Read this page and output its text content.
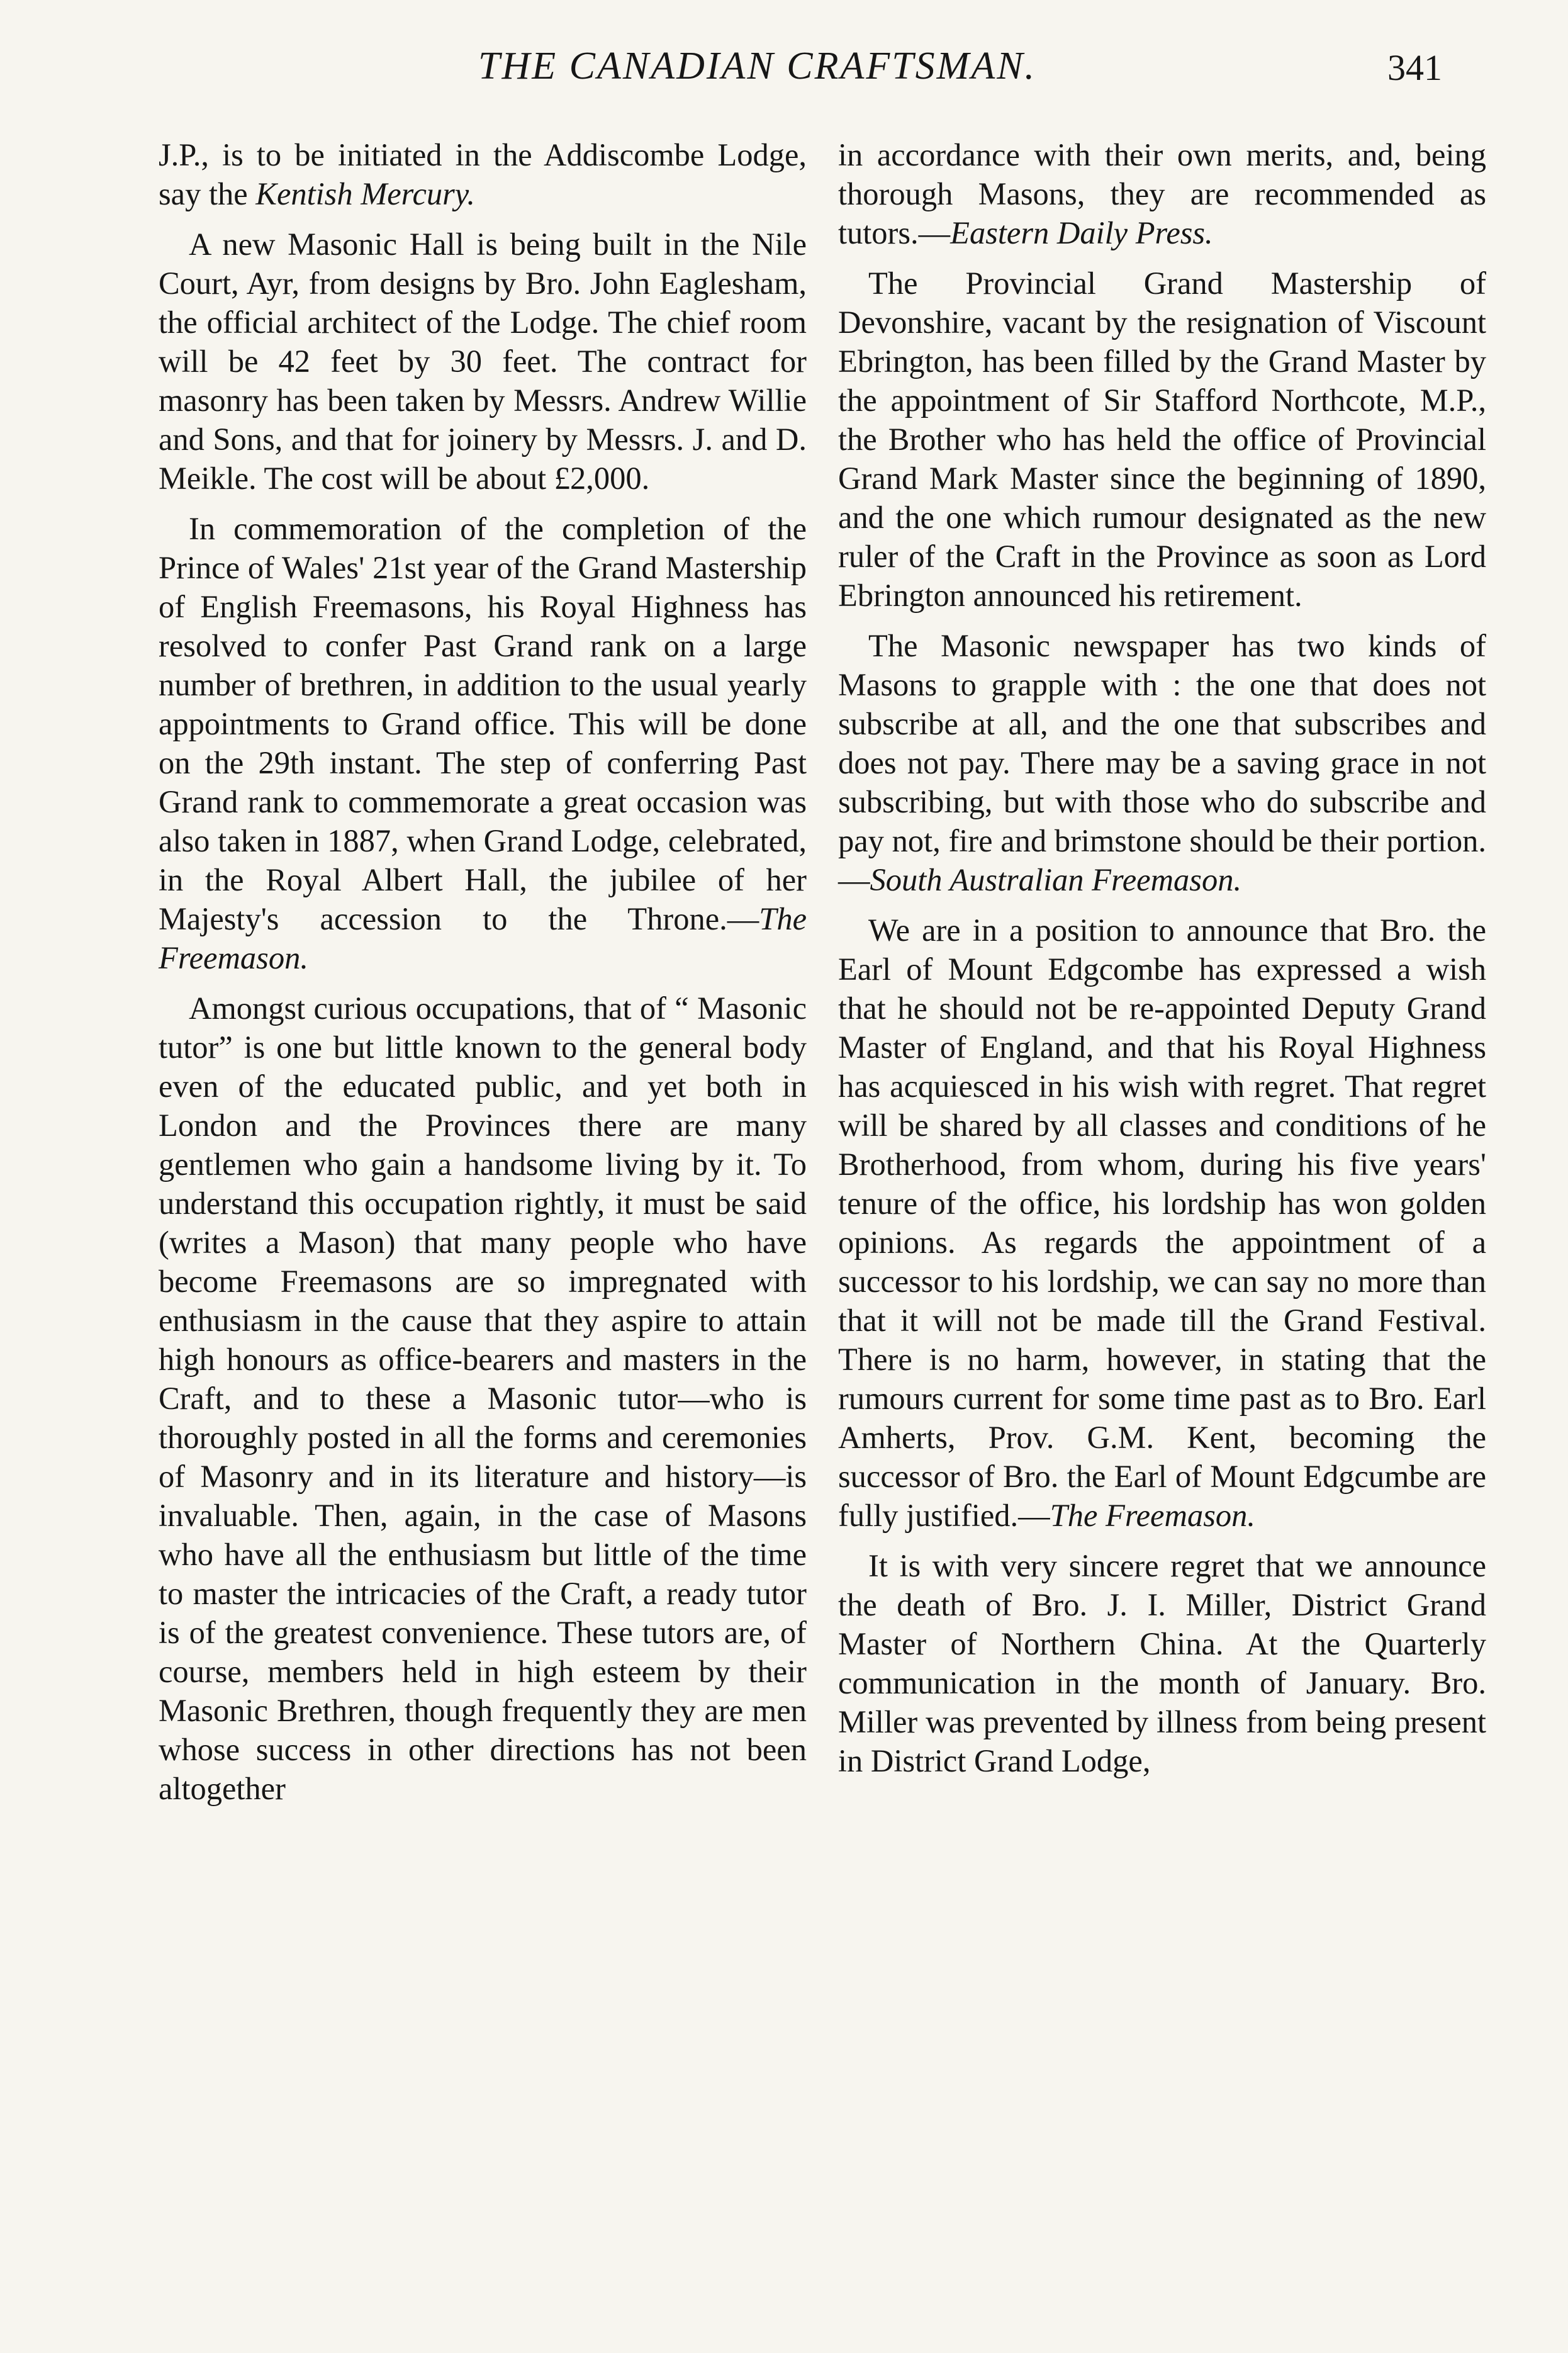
THE CANADIAN CRAFTSMAN.	341

J.P., is to be initiated in the Addiscombe Lodge, say the Kentish Mercury.

A new Masonic Hall is being built in the Nile Court, Ayr, from designs by Bro. John Eaglesham, the official architect of the Lodge. The chief room will be 42 feet by 30 feet. The contract for masonry has been taken by Messrs. Andrew Willie and Sons, and that for joinery by Messrs. J. and D. Meikle. The cost will be about £2,000.

In commemoration of the completion of the Prince of Wales' 21st year of the Grand Mastership of English Freemasons, his Royal Highness has resolved to confer Past Grand rank on a large number of brethren, in addition to the usual yearly appointments to Grand office. This will be done on the 29th instant. The step of conferring Past Grand rank to commemorate a great occasion was also taken in 1887, when Grand Lodge, celebrated, in the Royal Albert Hall, the jubilee of her Majesty's accession to the Throne.—The Freemason.

Amongst curious occupations, that of “ Masonic tutor” is one but little known to the general body even of the educated public, and yet both in London and the Provinces there are many gentlemen who gain a handsome living by it. To understand this occupation rightly, it must be said (writes a Mason) that many people who have become Freemasons are so impregnated with enthusiasm in the cause that they aspire to attain high honours as office-bearers and masters in the Craft, and to these a Masonic tutor—who is thoroughly posted in all the forms and ceremonies of Masonry and in its literature and history—is invaluable. Then, again, in the case of Masons who have all the enthusiasm but little of the time to master the intricacies of the Craft, a ready tutor is of the greatest convenience. These tutors are, of course, members held in high esteem by their Masonic Brethren, though frequently they are men whose success in other directions has not been altogether

in accordance with their own merits, and, being thorough Masons, they are recommended as tutors.—Eastern Daily Press.

The Provincial Grand Mastership of Devonshire, vacant by the resignation of Viscount Ebrington, has been filled by the Grand Master by the appointment of Sir Stafford Northcote, M.P., the Brother who has held the office of Provincial Grand Mark Master since the beginning of 1890, and the one which rumour designated as the new ruler of the Craft in the Province as soon as Lord Ebrington announced his retirement.

The Masonic newspaper has two kinds of Masons to grapple with : the one that does not subscribe at all, and the one that subscribes and does not pay. There may be a saving grace in not subscribing, but with those who do subscribe and pay not, fire and brimstone should be their portion.—South Australian Freemason.

We are in a position to announce that Bro. the Earl of Mount Edgcombe has expressed a wish that he should not be re-appointed Deputy Grand Master of England, and that his Royal Highness has acquiesced in his wish with regret. That regret will be shared by all classes and conditions of he Brotherhood, from whom, during his five years' tenure of the office, his lordship has won golden opinions. As regards the appointment of a successor to his lordship, we can say no more than that it will not be made till the Grand Festival. There is no harm, however, in stating that the rumours current for some time past as to Bro. Earl Amherts, Prov. G.M. Kent, becoming the successor of Bro. the Earl of Mount Edgcumbe are fully justified.—The Freemason.

It is with very sincere regret that we announce the death of Bro. J. I. Miller, District Grand Master of Northern China. At the Quarterly communication in the month of January. Bro. Miller was prevented by illness from being present in District Grand Lodge,
